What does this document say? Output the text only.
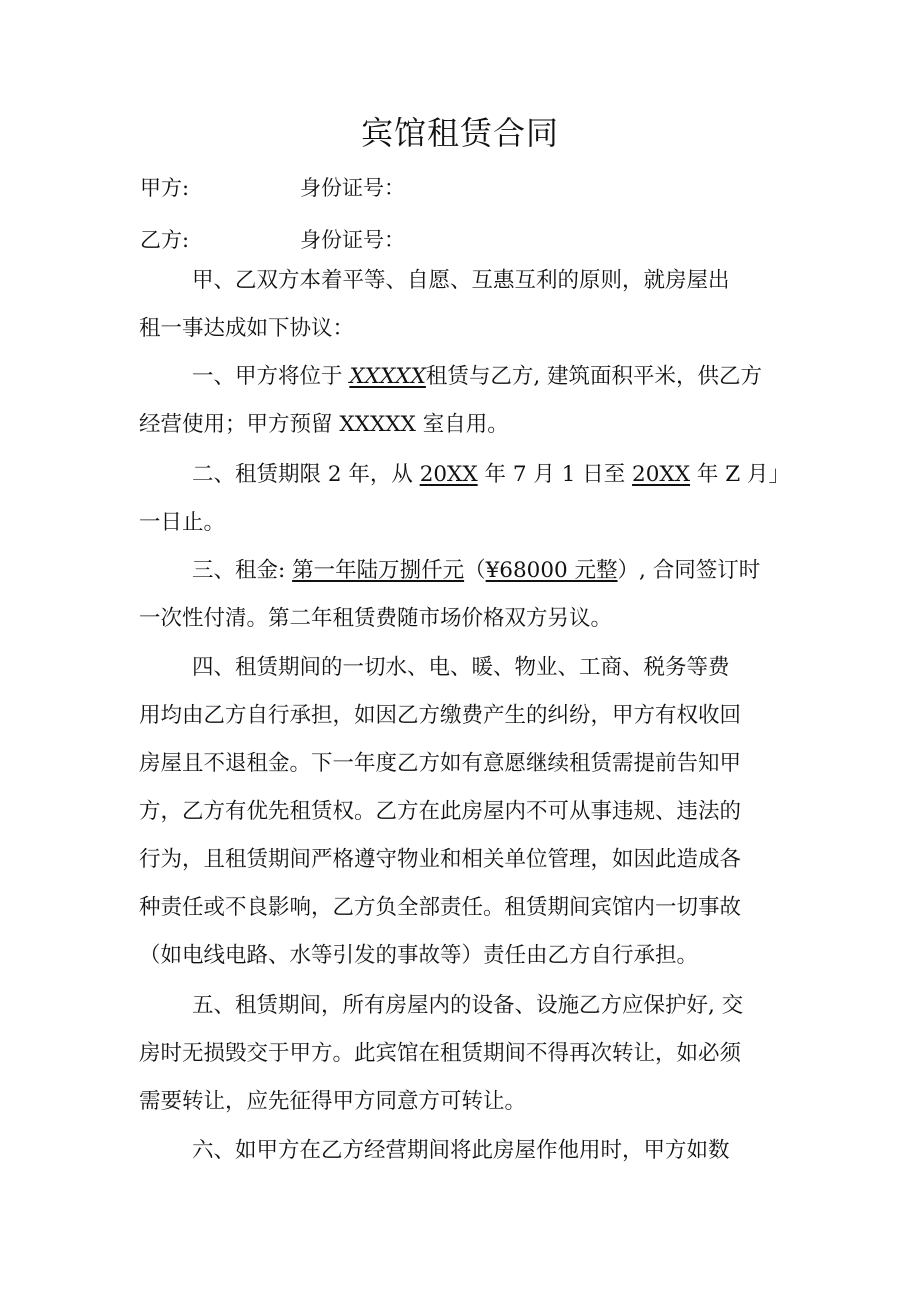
宾馆租赁合同
甲方:	身份证号：
乙方:	身份证号：
甲、乙双方本着平等、自愿、互惠互利的原则，就房屋出
租一事达成如下协议：
一、甲方将位于 XXXXX租赁与乙方, 建筑面积平米，供乙方
经营使用；甲方预留 XXXXX 室自用。
二、租赁期限 2 年，从 20XX 年 7 月 1 日至 20XX 年 Z 月」
一日止。
三、租金: 第一年陆万捌仟元（¥68000 元整）, 合同签订时
一次性付清。第二年租赁费随市场价格双方另议。
四、租赁期间的一切水、电、暖、物业、工商、税务等费
用均由乙方自行承担，如因乙方缴费产生的纠纷，甲方有权收回
房屋且不退租金。下一年度乙方如有意愿继续租赁需提前告知甲
方，乙方有优先租赁权。乙方在此房屋内不可从事违规、违法的
行为，且租赁期间严格遵守物业和相关单位管理，如因此造成各
种责任或不良影响，乙方负全部责任。租赁期间宾馆内一切事故
（如电线电路、水等引发的事故等）责任由乙方自行承担。
五、租赁期间，所有房屋内的设备、设施乙方应保护好, 交
房时无损毁交于甲方。此宾馆在租赁期间不得再次转让，如必须
需要转让，应先征得甲方同意方可转让。
六、如甲方在乙方经营期间将此房屋作他用时，甲方如数
